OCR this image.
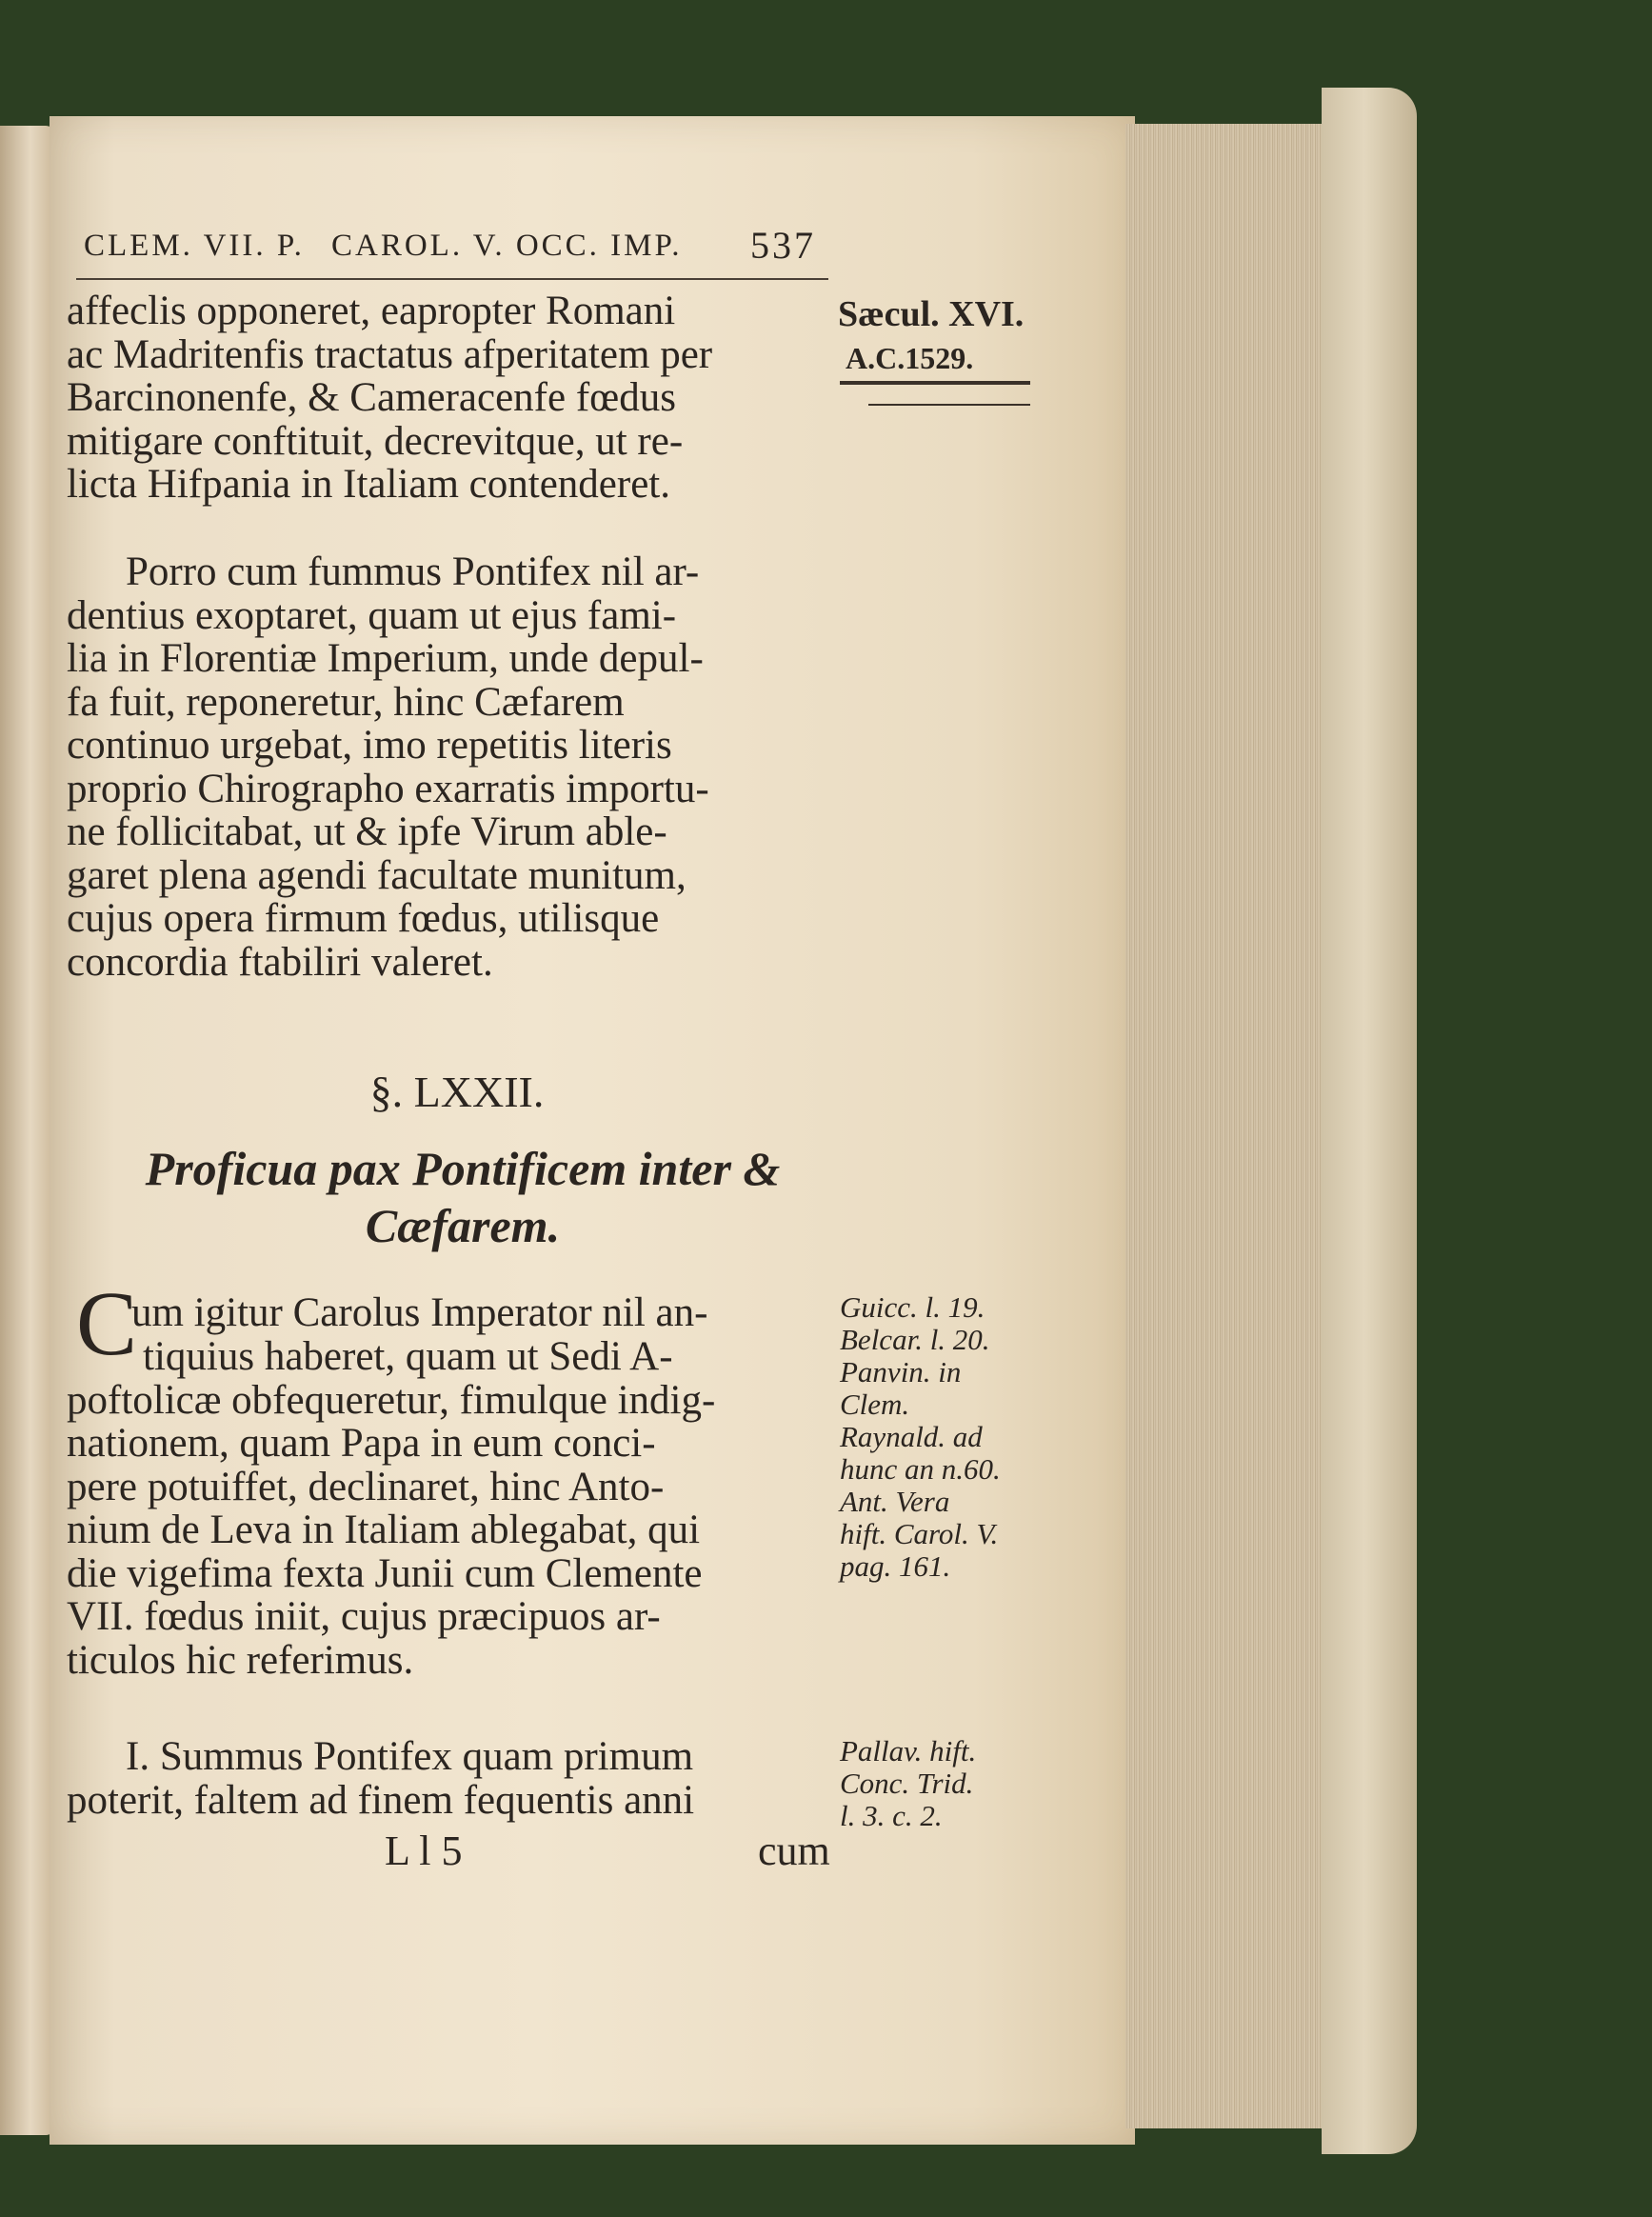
CLEM. VII. P. CAROL. V. OCC. IMP. 537
Sæcul. XVI.
A.C.1529.
affeclis opponeret, eapropter Romani
ac Madritenfis tractatus afperitatem per
Barcinonenfe, & Cameracenfe fœdus
mitigare conftituit, decrevitque, ut re-
licta Hifpania in Italiam contenderet.
Porro cum fummus Pontifex nil ar-
dentius exoptaret, quam ut ejus fami-
lia in Florentiæ Imperium, unde depul-
fa fuit, reponeretur, hinc Cæfarem
continuo urgebat, imo repetitis literis
proprio Chirographo exarratis importu-
ne follicitabat, ut & ipfe Virum able-
garet plena agendi facultate munitum,
cujus opera firmum fœdus, utilisque
concordia ftabiliri valeret.
§. LXXII.
Proficua pax Pontificem inter &
Cæfarem.
C
um igitur Carolus Imperator nil an-
tiquius haberet, quam ut Sedi A-
poftolicæ obfequeretur, fimulque indig-
nationem, quam Papa in eum conci-
pere potuiffet, declinaret, hinc Anto-
nium de Leva in Italiam ablegabat, qui
die vigefima fexta Junii cum Clemente
VII. fœdus iniit, cujus præcipuos ar-
ticulos hic referimus.
I. Summus Pontifex quam primum
poterit, faltem ad finem fequentis anni
Guicc. l. 19.
Belcar. l. 20.
Panvin. in
Clem.
Raynald. ad
hunc an n.60.
Ant. Vera
hift. Carol. V.
pag. 161.
Pallav. hift.
Conc. Trid.
l. 3. c. 2.
L l 5	cum
